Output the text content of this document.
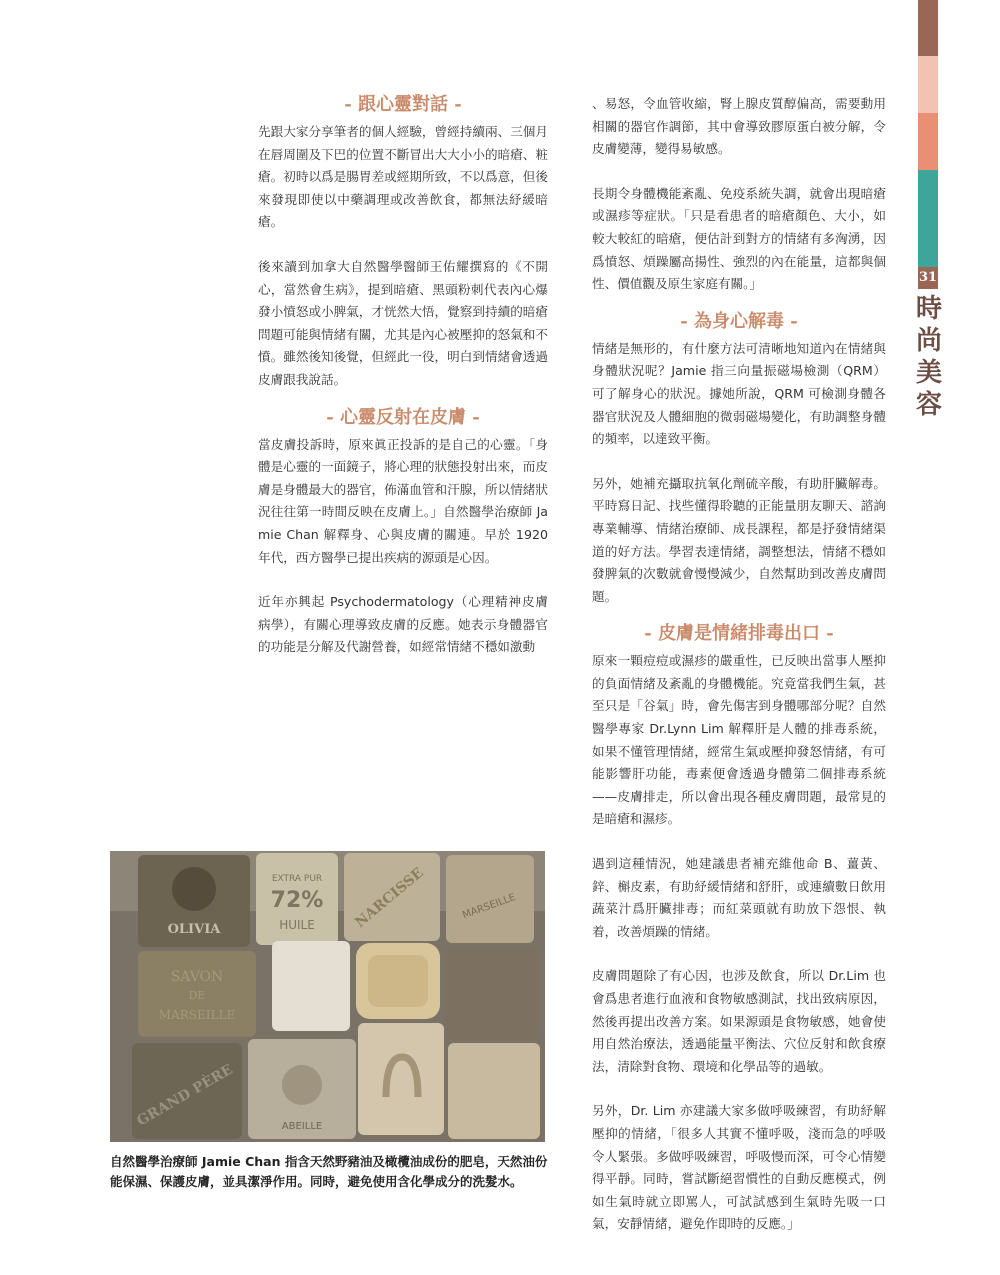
31
時尚美容
- 跟心靈對話 -

先跟大家分享筆者的個人經驗，曾經持續兩、三個月在唇周圍及下巴的位置不斷冒出大大小小的暗瘡、粧瘡。初時以爲是腸胃差或經期所致，不以爲意，但後來發現即使以中藥調理或改善飲食，都無法紓緩暗瘡。

後來讀到加拿大自然醫學醫師王佑耀撰寫的《不開心，當然會生病》，提到暗瘡、黑頭粉刺代表內心爆發小憤怒或小脾氣，才恍然大悟，覺察到持續的暗瘡問題可能與情緒有關，尤其是內心被壓抑的怒氣和不憤。雖然後知後覺，但經此一役，明白到情緒會透過皮膚跟我說話。

- 心靈反射在皮膚 -

當皮膚投訴時，原來眞正投訴的是自己的心靈。「身體是心靈的一面鏡子，將心理的狀態投射出來，而皮膚是身體最大的器官，佈滿血管和汗腺，所以情緒狀況往往第一時間反映在皮膚上。」自然醫學治療師 Jamie Chan 解釋身、心與皮膚的關連。早於 1920 年代，西方醫學已提出疾病的源頭是心因。

近年亦興起 Psychodermatology（心理精神皮膚病學），有關心理導致皮膚的反應。她表示身體器官的功能是分解及代謝營養，如經常情緒不穩如激動

、易怒，令血管收縮，腎上腺皮質醇偏高，需要動用相關的器官作調節，其中會導致膠原蛋白被分解，令皮膚變薄，變得易敏感。

長期令身體機能紊亂、免疫系統失調，就會出現暗瘡或濕疹等症狀。「只是看患者的暗瘡顏色、大小，如較大較紅的暗瘡，便估計到對方的情緒有多洶湧，因爲憤怒、煩躁屬高揚性、強烈的內在能量，這都與個性、價值觀及原生家庭有關。」

- 為身心解毒 -

情緒是無形的，有什麼方法可清晰地知道內在情緒與身體狀況呢？Jamie 指三向量振磁場檢測（QRM）可了解身心的狀況。據她所說，QRM 可檢測身體各器官狀況及人體細胞的微弱磁場變化，有助調整身體的頻率，以達致平衡。

另外，她補充攝取抗氧化劑硫辛酸，有助肝臟解毒。平時寫日記、找些懂得聆聽的正能量朋友聊天、諮詢專業輔導、情緒治療師、成長課程，都是抒發情緒渠道的好方法。學習表達情緒，調整想法，情緒不穩如發脾氣的次數就會慢慢減少，自然幫助到改善皮膚問題。

- 皮膚是情緒排毒出口 -

原來一顆痘痘或濕疹的嚴重性，已反映出當事人壓抑的負面情緒及紊亂的身體機能。究竟當我們生氣，甚至只是「谷氣」時，會先傷害到身體哪部分呢？自然醫學專家 Dr.Lynn Lim 解釋肝是人體的排毒系統，如果不懂管理情緒，經常生氣或壓抑發怒情緒，有可能影響肝功能，毒素便會透過身體第二個排毒系統——皮膚排走，所以會出現各種皮膚問題，最常見的是暗瘡和濕疹。

遇到這種情況，她建議患者補充維他命 B、薑黃、鋅、槲皮素，有助紓緩情緒和舒肝，或連續數日飲用蔬菜汁爲肝臟排毒；而紅菜頭就有助放下怨恨、執着，改善煩躁的情緒。

皮膚問題除了有心因，也涉及飲食，所以 Dr.Lim 也會爲患者進行血液和食物敏感測試，找出致病原因，然後再提出改善方案。如果源頭是食物敏感，她會使用自然治療法，透過能量平衡法、穴位反射和飲食療法，清除對食物、環境和化學品等的過敏。

另外，Dr. Lim 亦建議大家多做呼吸練習，有助紓解壓抑的情緒，「很多人其實不懂呼吸，淺而急的呼吸令人緊張。多做呼吸練習，呼吸慢而深，可令心情變得平靜。同時，嘗試斷絕習慣性的自動反應模式，例如生氣時就立即罵人，可試試感到生氣時先吸一口氣，安靜情緒，避免作即時的反應。」

OLIVIA
EXTRA PUR
72%
HUILE	NARCISSE	MARSEILLE
SAVON
DE
MARSEILLE
GRAND PÈRE	ABEILLE
自然醫學治療師 Jamie Chan 指含天然野豬油及橄欖油成份的肥皂，天然油份能保濕、保護皮膚，並具潔淨作用。同時，避免使用含化學成分的洗髮水。
